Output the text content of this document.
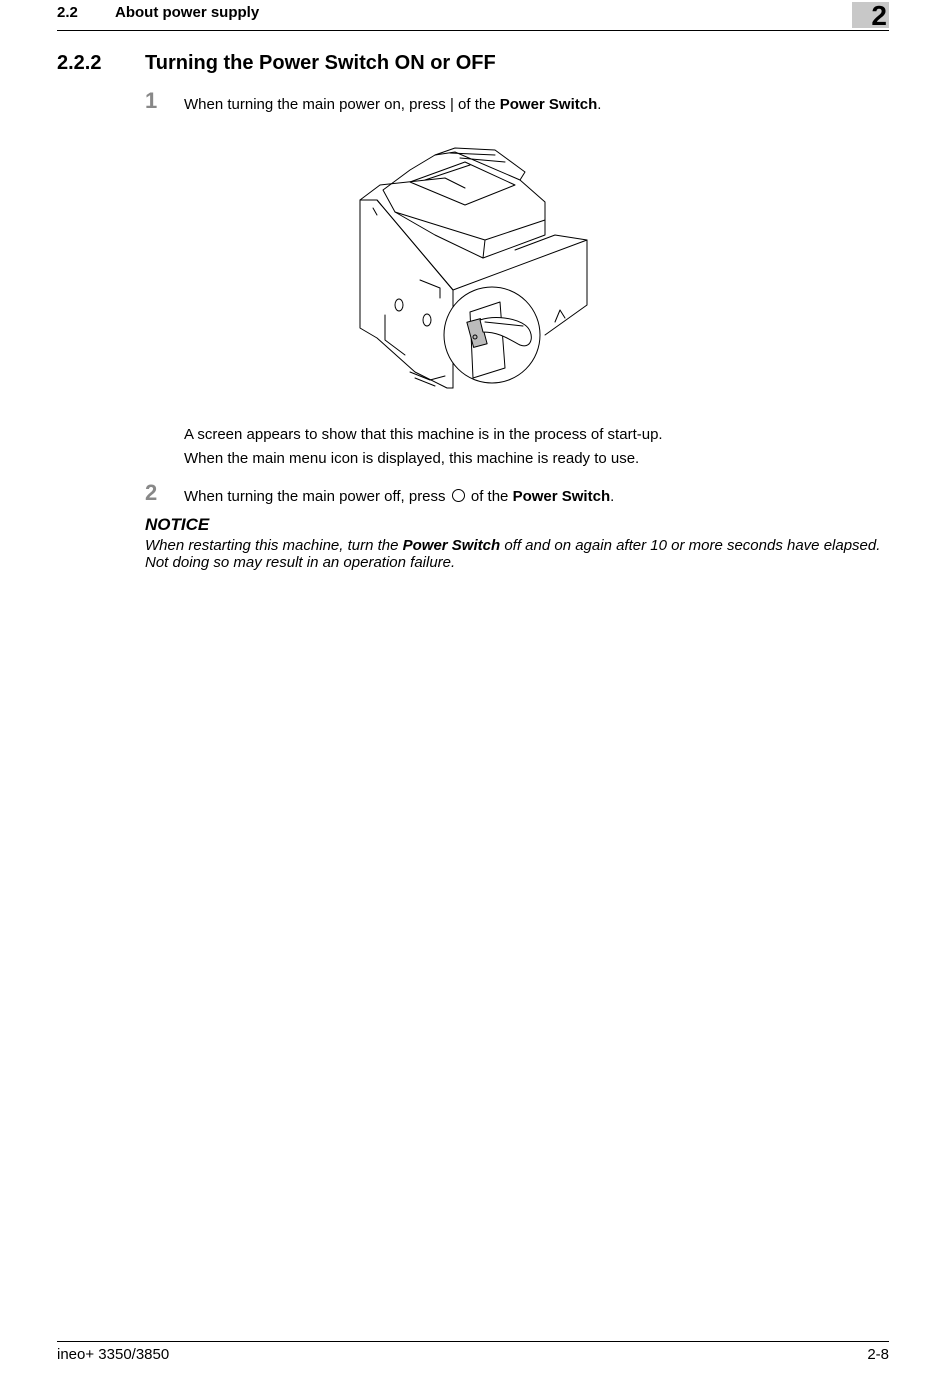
2.2 About power supply	2
2.2.2 Turning the Power Switch ON or OFF
1 When turning the main power on, press | of the Power Switch.
A screen appears to show that this machine is in the process of start-up.
When the main menu icon is displayed, this machine is ready to use.
2 When turning the main power off, press  of the Power Switch.
NOTICE
When restarting this machine, turn the Power Switch off and on again after 10 or more seconds have elapsed. Not doing so may result in an operation failure.
ineo+ 3350/3850	2-8
